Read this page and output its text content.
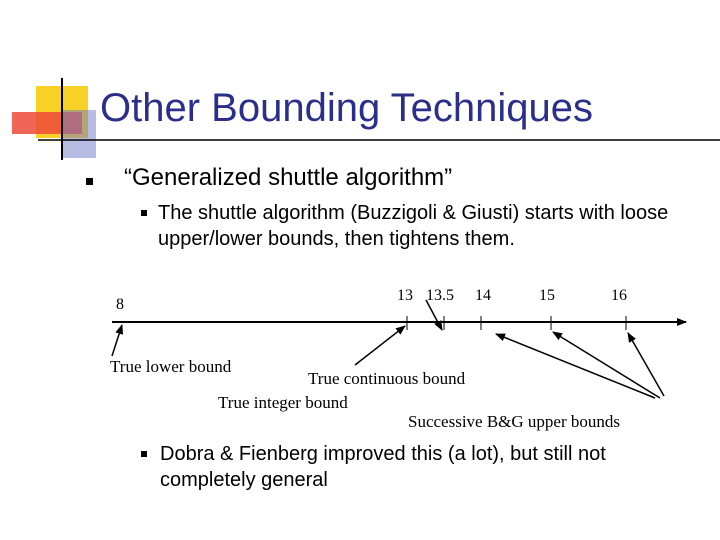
Other Bounding Techniques
“Generalized shuttle algorithm”
The shuttle algorithm (Buzzigoli & Giusti) starts with loose upper/lower bounds, then tightens them.
8
13 13.5 14	15	16
True lower bound
True continuous bound
True integer bound
Successive B&G upper bounds
Dobra & Fienberg improved this (a lot), but still not completely general
